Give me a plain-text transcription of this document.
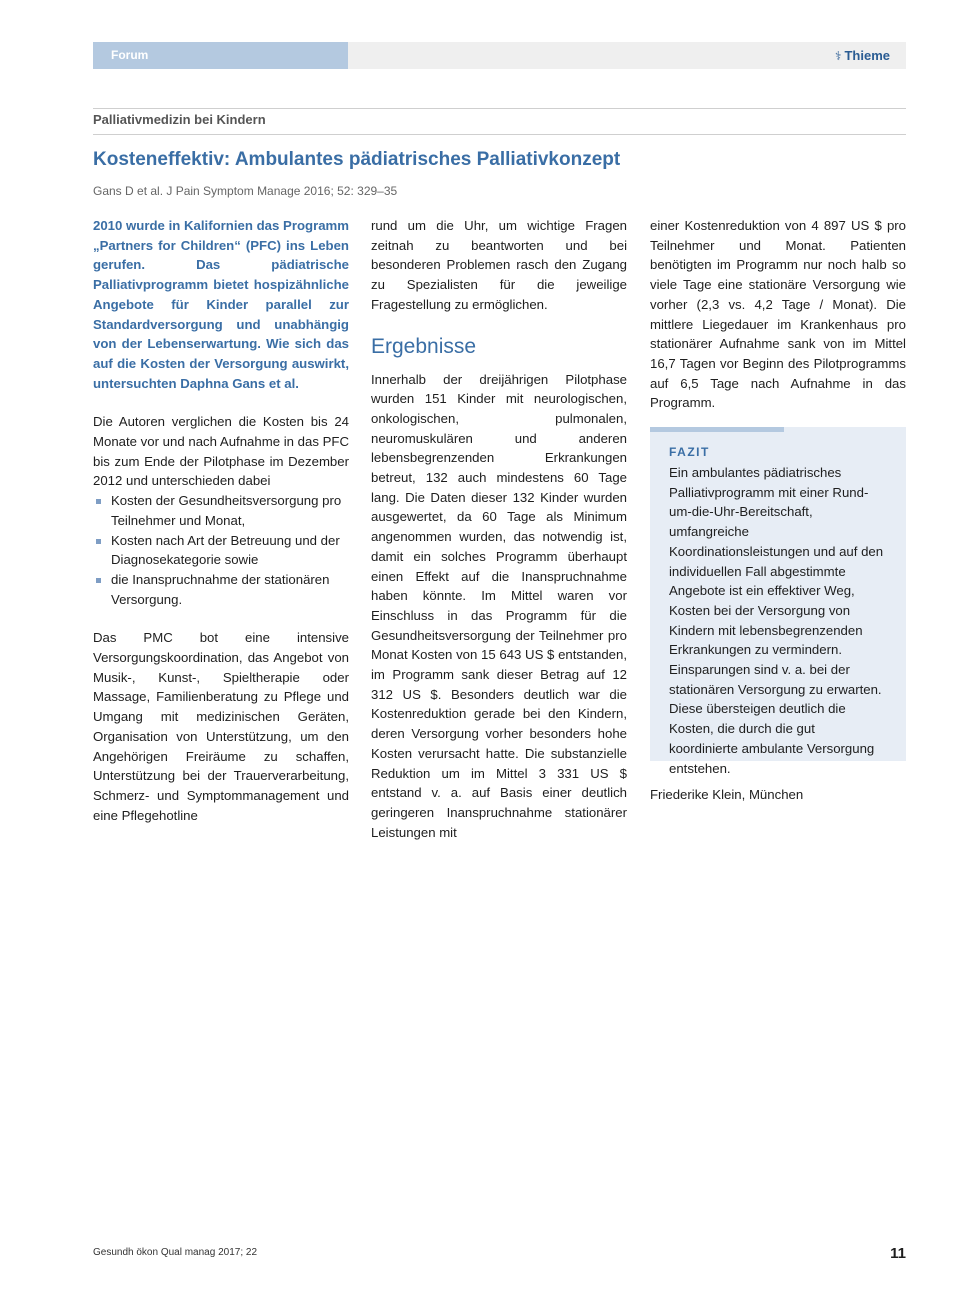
Forum	⚕ Thieme
Palliativmedizin bei Kindern
Kosteneffektiv: Ambulantes pädiatrisches Palliativkonzept
Gans D et al. J Pain Symptom Manage 2016; 52: 329–35

2010 wurde in Kalifornien das Programm „Partners for Children“ (PFC) ins Leben gerufen. Das pädiatrische Palliativprogramm bietet hospizähnliche Angebote für Kinder parallel zur Standardversorgung und unabhängig von der Lebenserwartung. Wie sich das auf die Kosten der Versorgung auswirkt, untersuchten Daphna Gans et al.

Die Autoren verglichen die Kosten bis 24 Monate vor und nach Aufnahme in das PFC bis zum Ende der Pilotphase im Dezember 2012 und unterschieden dabei

Kosten der Gesundheitsversorgung pro Teilnehmer und Monat,
Kosten nach Art der Betreuung und der Diagnosekategorie sowie
die Inanspruchnahme der stationären Versorgung.

Das PMC bot eine intensive Versorgungskoordination, das Angebot von Musik-, Kunst-, Spieltherapie oder Massage, Familienberatung zu Pflege und Umgang mit medizinischen Geräten, Organisation von Unterstützung, um den Angehörigen Freiräume zu schaffen, Unterstützung bei der Trauerverarbeitung, Schmerz- und Symptommanagement und eine Pflegehotline

rund um die Uhr, um wichtige Fragen zeitnah zu beantworten und bei besonderen Problemen rasch den Zugang zu Spezialisten für die jeweilige Fragestellung zu ermöglichen.

Ergebnisse

Innerhalb der dreijährigen Pilotphase wurden 151 Kinder mit neurologischen, onkologischen, pulmonalen, neuromuskulären und anderen lebensbegrenzenden Erkrankungen betreut, 132 auch mindestens 60 Tage lang. Die Daten dieser 132 Kinder wurden ausgewertet, da 60 Tage als Minimum angenommen wurden, das notwendig ist, damit ein solches Programm überhaupt einen Effekt auf die Inanspruchnahme haben könnte. Im Mittel waren vor Einschluss in das Programm für die Gesundheitsversorgung der Teilnehmer pro Monat Kosten von 15 643 US $ entstanden, im Programm sank dieser Betrag auf 12 312 US $. Besonders deutlich war die Kostenreduktion gerade bei den Kindern, deren Versorgung vorher besonders hohe Kosten verursacht hatte. Die substanzielle Reduktion um im Mittel 3 331 US $ entstand v. a. auf Basis einer deutlich geringeren Inanspruchnahme stationärer Leistungen mit

einer Kostenreduktion von 4 897 US $ pro Teilnehmer und Monat. Patienten benötigten im Programm nur noch halb so viele Tage eine stationäre Versorgung wie vorher (2,3 vs. 4,2 Tage / Monat). Die mittlere Liegedauer im Krankenhaus pro stationärer Aufnahme sank von im Mittel 16,7 Tagen vor Beginn des Pilotprogramms auf 6,5 Tage nach Aufnahme in das Programm.

FAZIT
Ein ambulantes pädiatrisches Palliativprogramm mit einer Rund-um-die-Uhr-Bereitschaft, umfangreiche Koordinationsleistungen und auf den individuellen Fall abgestimmte Angebote ist ein effektiver Weg, Kosten bei der Versorgung von Kindern mit lebensbegrenzenden Erkrankungen zu vermindern. Einsparungen sind v. a. bei der stationären Versorgung zu erwarten. Diese übersteigen deutlich die Kosten, die durch die gut koordinierte ambulante Versorgung entstehen.
Friederike Klein, München
Gesundh ökon Qual manag 2017; 22	11
